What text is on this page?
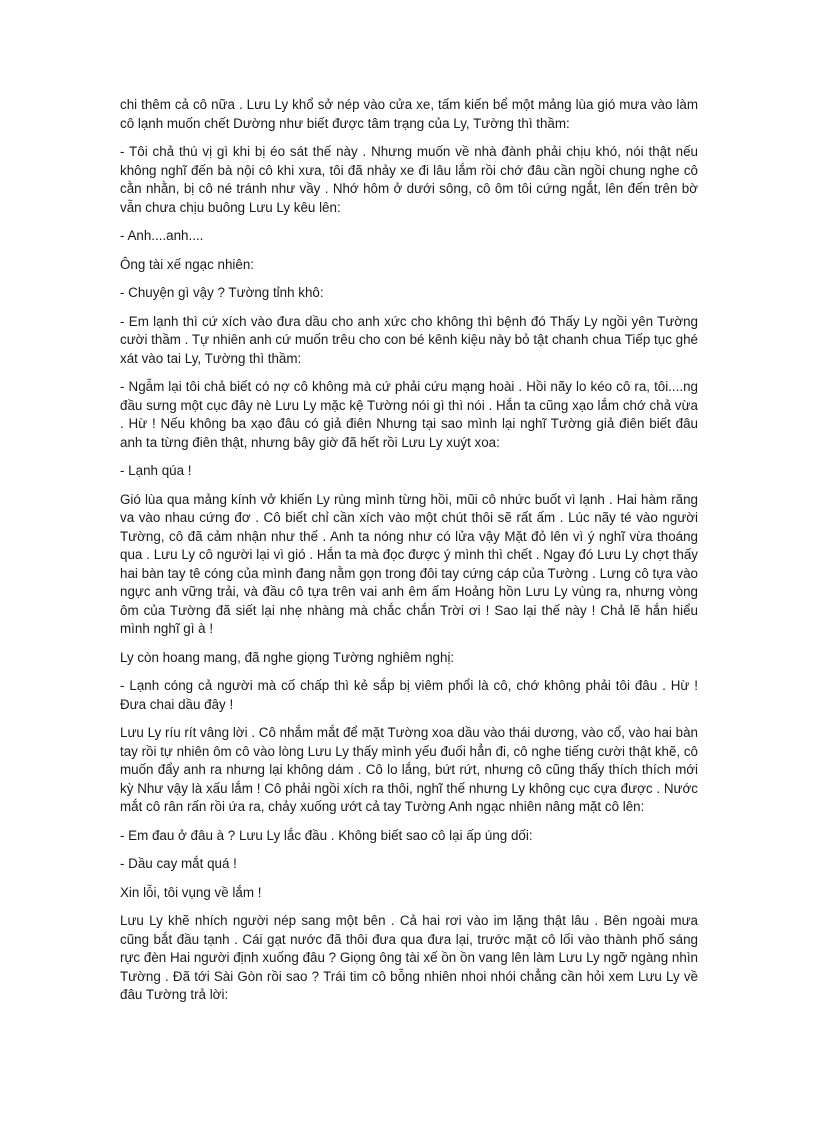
chi thêm cả cô nữa . Lưu Ly khổ sở nép vào cửa xe, tấm kiến bể một mảng lùa gió mưa vào làm cô lạnh muốn chết Dường như biết được tâm trạng của Ly, Tường thì thầm:

- Tôi chả thú vị gì khi bị éo sát thế này . Nhưng muốn về nhà đành phải chịu khó, nói thật nếu không nghĩ đến bà nội cô khi xưa, tôi đã nhảy xe đi lâu lắm rồi chớ đâu cần ngồi chung nghe cô cằn nhằn, bị cô né tránh như vầy . Nhớ hôm ở dưới sông, cô ôm tôi cứng ngắt, lên đến trên bờ vẫn chưa chịu buông Lưu Ly kêu lên:

- Anh....anh....

Ông tài xế ngạc nhiên:

- Chuyện gì vậy ? Tường tỉnh khô:

- Em lạnh thì cứ xích vào đưa dầu cho anh xức cho không thì bệnh đó Thấy Ly ngồi yên Tường cười thầm . Tự nhiên anh cứ muốn trêu cho con bé kênh kiệu này bỏ tật chanh chua Tiếp tục ghé xát vào tai Ly, Tường thì thầm:

- Ngẫm lại tôi chả biết có nợ cô không mà cứ phải cứu mạng hoài . Hồi nãy lo kéo cô ra, tôi....ng đầu sưng một cục đây nè Lưu Ly mặc kệ Tường nói gì thì nói . Hắn ta cũng xạo lắm chớ chả vừa . Hừ ! Nếu không ba xạo đâu có giả điên Nhưng tại sao mình lại nghĩ Tường giả điên biết đâu anh ta từng điên thật, nhưng bây giờ đã hết rồi Lưu Ly xuýt xoa:

- Lạnh qúa !

Gió lùa qua mảng kính vở khiến Ly rùng mình từng hồi, mũi cô nhức buốt vì lạnh . Hai hàm răng va vào nhau cứng đơ . Cô biết chỉ cần xích vào một chút thôi sẽ rất ấm . Lúc nãy té vào người Tường, cô đã cảm nhận như thế . Anh ta nóng như có lửa vậy Mặt đỏ lên vì ý nghĩ vừa thoáng qua . Lưu Ly cô người lại vì gió . Hắn ta mà đọc được ý mình thì chết . Ngay đó Lưu Ly chợt thấy hai bàn tay tê cóng của mình đang nằm gọn trong đôi tay cứng cáp của Tường . Lưng cô tựa vào ngực anh vững trải, và đầu cô tựa trên vai anh êm ấm Hoảng hồn Lưu Ly vùng ra, nhưng vòng ôm của Tường đã siết lại nhẹ nhàng mà chắc chắn Trời ơi ! Sao lại thế này ! Chả lẽ hắn hiểu mình nghĩ gì à !

Ly còn hoang mang, đã nghe giọng Tường nghiêm nghị:

- Lạnh cóng cả người mà cố chấp thì kẻ sắp bị viêm phổi là cô, chớ không phải tôi đâu . Hừ ! Đưa chai dầu đây !

Lưu Ly ríu rít vâng lời . Cô nhắm mắt để mặt Tường xoa dầu vào thái dương, vào cổ, vào hai bàn tay rồi tự nhiên ôm cô vào lòng Lưu Ly thấy mình yếu đuối hẳn đi, cô nghe tiếng cười thật khẽ, cô muốn đẩy anh ra nhưng lại không dám . Cô lo lắng, bứt rứt, nhưng cô cũng thấy thích thích mới kỳ Như vậy là xấu lắm ! Cô phải ngồi xích ra thôi, nghĩ thế nhưng Ly không cục cựa được . Nước mắt cô rân rấn rồi ứa ra, chảy xuống ướt cả tay Tường Anh ngạc nhiên nâng mặt cô lên:

- Em đau ở đâu à ? Lưu Ly lắc đầu . Không biết sao cô lại ấp úng dối:

- Dầu cay mắt quá !

Xin lỗi, tôi vụng về lắm !

Lưu Ly khẽ nhích người nép sang một bên . Cả hai rơi vào im lặng thật lâu . Bên ngoài mưa cũng bắt đầu tạnh . Cái gạt nước đã thôi đưa qua đưa lại, trước mặt cô lối vào thành phố sáng rực đèn Hai người định xuống đâu ? Giọng ông tài xế ồn ồn vang lên làm Lưu Ly ngỡ ngàng nhìn Tường . Đã tới Sài Gòn rồi sao ? Trái tim cô bỗng nhiên nhoi nhói chẳng cần hỏi xem Lưu Ly về đâu Tường trả lời:
